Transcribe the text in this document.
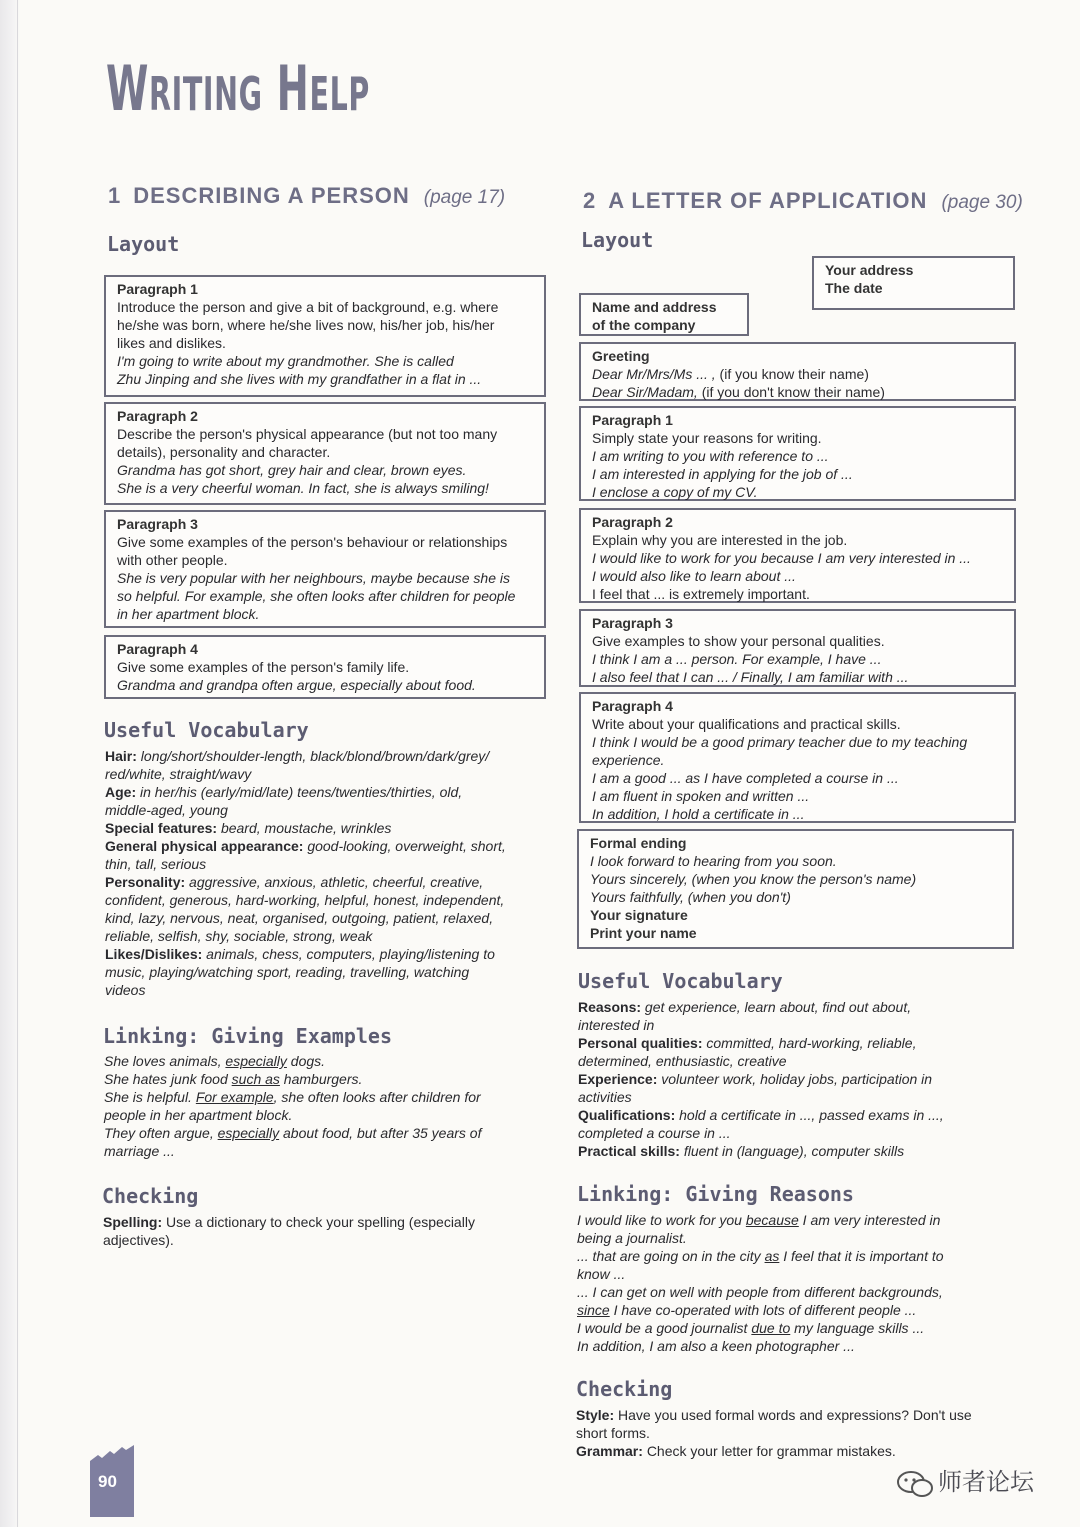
WRITING HELP
1 DESCRIBING A PERSON (page 17)
Layout

Paragraph 1

Introduce the person and give a bit of background, e.g. where

he/she was born, where he/she lives now, his/her job, his/her

likes and dislikes.

I'm going to write about my grandmother. She is called

Zhu Jinping and she lives with my grandfather in a flat in ...

Paragraph 2

Describe the person's physical appearance (but not too many

details), personality and character.

Grandma has got short, grey hair and clear, brown eyes.

She is a very cheerful woman. In fact, she is always smiling!

Paragraph 3

Give some examples of the person's behaviour or relationships

with other people.

She is very popular with her neighbours, maybe because she is

so helpful. For example, she often looks after children for people

in her apartment block.

Paragraph 4

Give some examples of the person's family life.

Grandma and grandpa often argue, especially about food.

Useful Vocabulary

Hair: long/short/shoulder-length, black/blond/brown/dark/grey/

red/white, straight/wavy

Age: in her/his (early/mid/late) teens/twenties/thirties, old,

middle-aged, young

Special features: beard, moustache, wrinkles

General physical appearance: good-looking, overweight, short,

thin, tall, serious

Personality: aggressive, anxious, athletic, cheerful, creative,

confident, generous, hard-working, helpful, honest, independent,

kind, lazy, nervous, neat, organised, outgoing, patient, relaxed,

reliable, selfish, shy, sociable, strong, weak

Likes/Dislikes: animals, chess, computers, playing/listening to

music, playing/watching sport, reading, travelling, watching

videos

Linking: Giving Examples

She loves animals, especially dogs.

She hates junk food such as hamburgers.

She is helpful. For example, she often looks after children for

people in her apartment block.

They often argue, especially about food, but after 35 years of

marriage ...

Checking

Spelling: Use a dictionary to check your spelling (especially

adjectives).

2 A LETTER OF APPLICATION (page 30)
Layout

Your address

The date

Name and address

of the company

Greeting

Dear Mr/Mrs/Ms ... , (if you know their name)

Dear Sir/Madam, (if you don't know their name)

Paragraph 1

Simply state your reasons for writing.

I am writing to you with reference to ...

I am interested in applying for the job of ...

I enclose a copy of my CV.

Paragraph 2

Explain why you are interested in the job.

I would like to work for you because I am very interested in ...

I would also like to learn about ...

I feel that ... is extremely important.

Paragraph 3

Give examples to show your personal qualities.

I think I am a ... person. For example, I have ...

I also feel that I can ... / Finally, I am familiar with ...

Paragraph 4

Write about your qualifications and practical skills.

I think I would be a good primary teacher due to my teaching

experience.

I am a good ... as I have completed a course in ...

I am fluent in spoken and written ...

In addition, I hold a certificate in ...

Formal ending

I look forward to hearing from you soon.

Yours sincerely, (when you know the person's name)

Yours faithfully, (when you don't)

Your signature

Print your name

Useful Vocabulary

Reasons: get experience, learn about, find out about,

interested in

Personal qualities: committed, hard-working, reliable,

determined, enthusiastic, creative

Experience: volunteer work, holiday jobs, participation in

activities

Qualifications: hold a certificate in ..., passed exams in ...,

completed a course in ...

Practical skills: fluent in (language), computer skills

Linking: Giving Reasons

I would like to work for you because I am very interested in

being a journalist.

... that are going on in the city as I feel that it is important to

know ...

... I can get on well with people from different backgrounds,

since I have co-operated with lots of different people ...

I would be a good journalist due to my language skills ...

In addition, I am also a keen photographer ...

Checking

Style: Have you used formal words and expressions? Don't use

short forms.

Grammar: Check your letter for grammar mistakes.

90	师者论坛
